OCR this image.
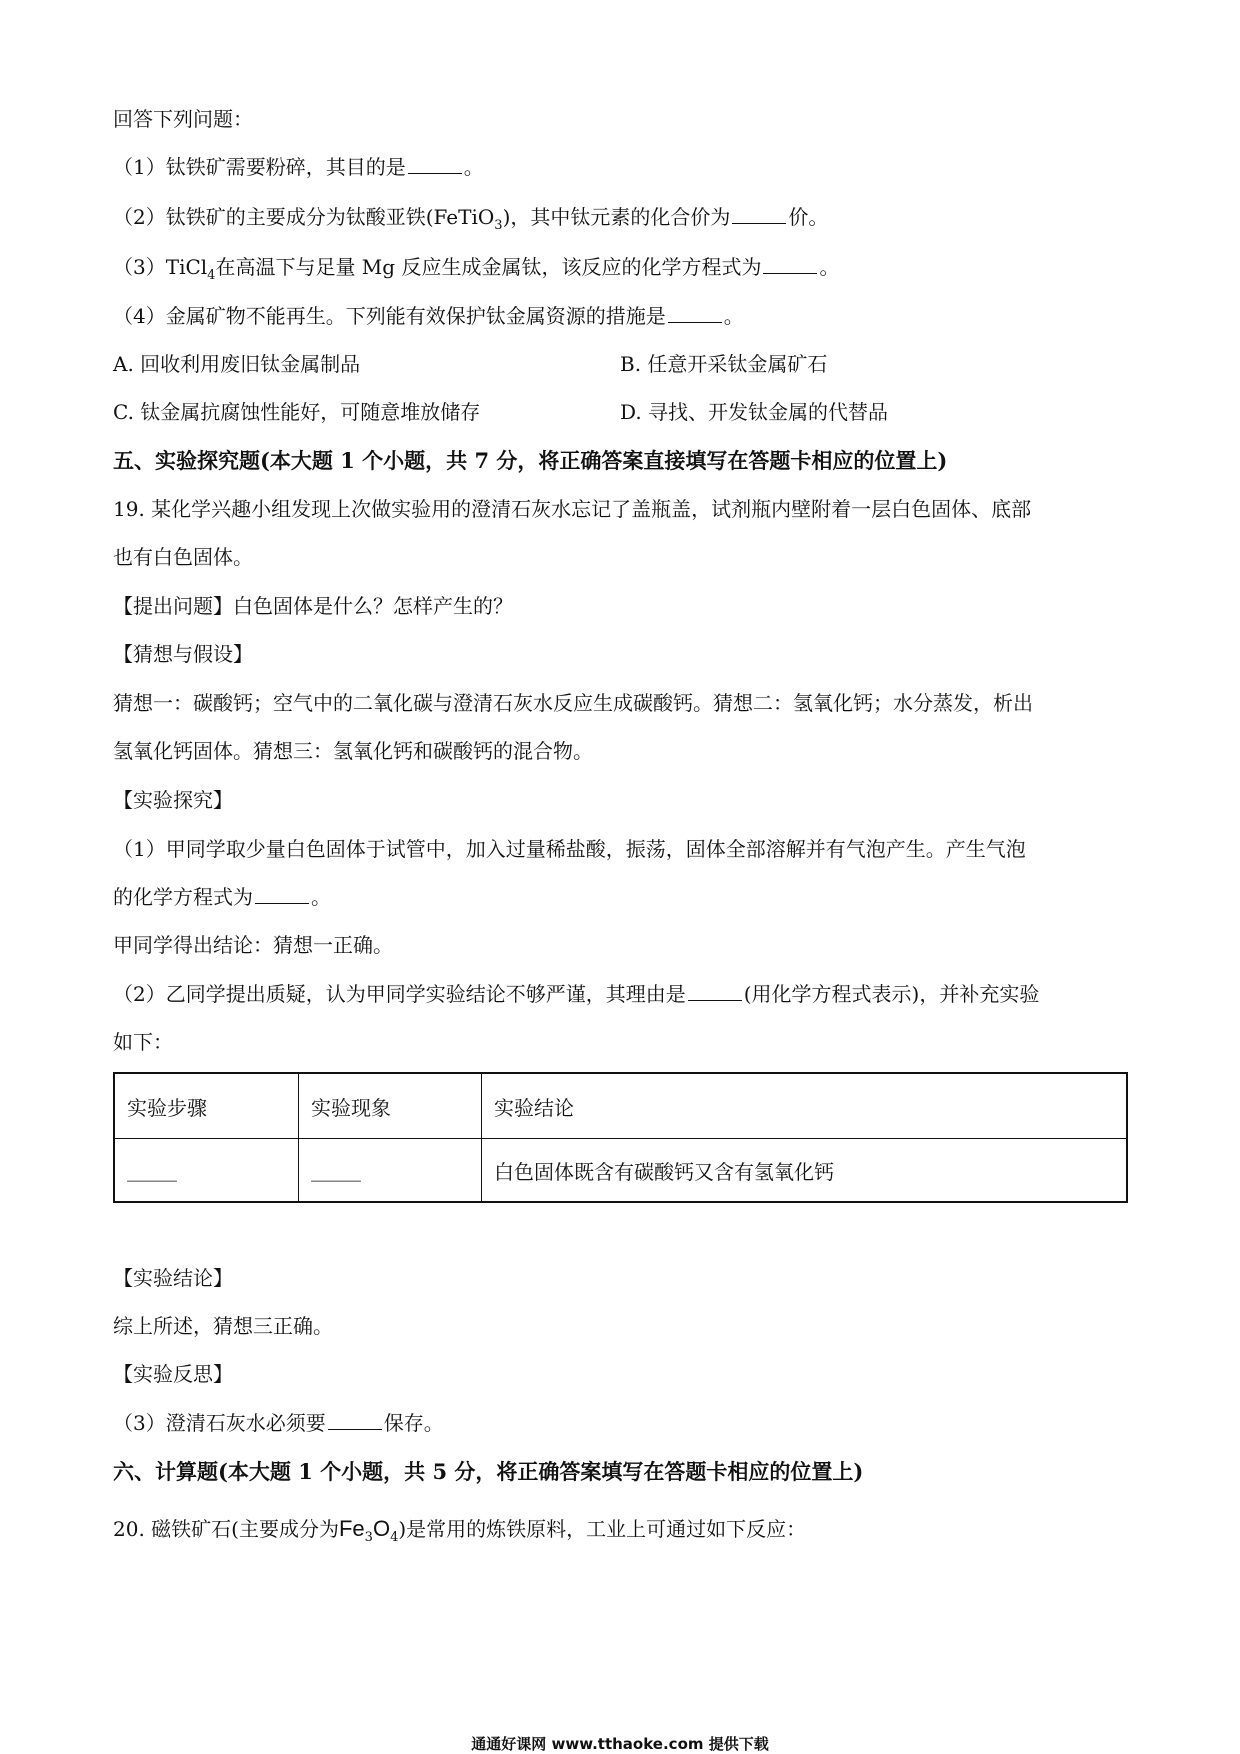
回答下列问题：
（1）钛铁矿需要粉碎，其目的是	。
（2）钛铁矿的主要成分为钛酸亚铁(FeTiO$_3$)，其中钛元素的化合价为	价。
（3）TiCl$_4$在高温下与足量 Mg 反应生成金属钛，该反应的化学方程式为	。
（4）金属矿物不能再生。下列能有效保护钛金属资源的措施是	。
A. 回收利用废旧钛金属制品	B. 任意开采钛金属矿石
C. 钛金属抗腐蚀性能好，可随意堆放储存	D. 寻找、开发钛金属的代替品
五、实验探究题(本大题 1 个小题，共 7 分，将正确答案直接填写在答题卡相应的位置上)
19. 某化学兴趣小组发现上次做实验用的澄清石灰水忘记了盖瓶盖，试剂瓶内壁附着一层白色固体、底部
也有白色固体。
【提出问题】白色固体是什么？怎样产生的？
【猜想与假设】
猜想一：碳酸钙；空气中的二氧化碳与澄清石灰水反应生成碳酸钙。猜想二：氢氧化钙；水分蒸发，析出
氢氧化钙固体。猜想三：氢氧化钙和碳酸钙的混合物。
【实验探究】
（1）甲同学取少量白色固体于试管中，加入过量稀盐酸，振荡，固体全部溶解并有气泡产生。产生气泡
的化学方程式为	。
甲同学得出结论：猜想一正确。
（2）乙同学提出质疑，认为甲同学实验结论不够严谨，其理由是	(用化学方程式表示)，并补充实验
如下：
实验步骤	实验现象	实验结论
_____	_____	白色固体既含有碳酸钙又含有氢氧化钙
【实验结论】
综上所述，猜想三正确。
【实验反思】
（3）澄清石灰水必须要	保存。
六、计算题(本大题 1 个小题，共 5 分，将正确答案填写在答题卡相应的位置上)
20. 磁铁矿石(主要成分为$Fe_3O_4$)是常用的炼铁原料，工业上可通过如下反应：
通通好课网 www.tthaoke.com 提供下载
